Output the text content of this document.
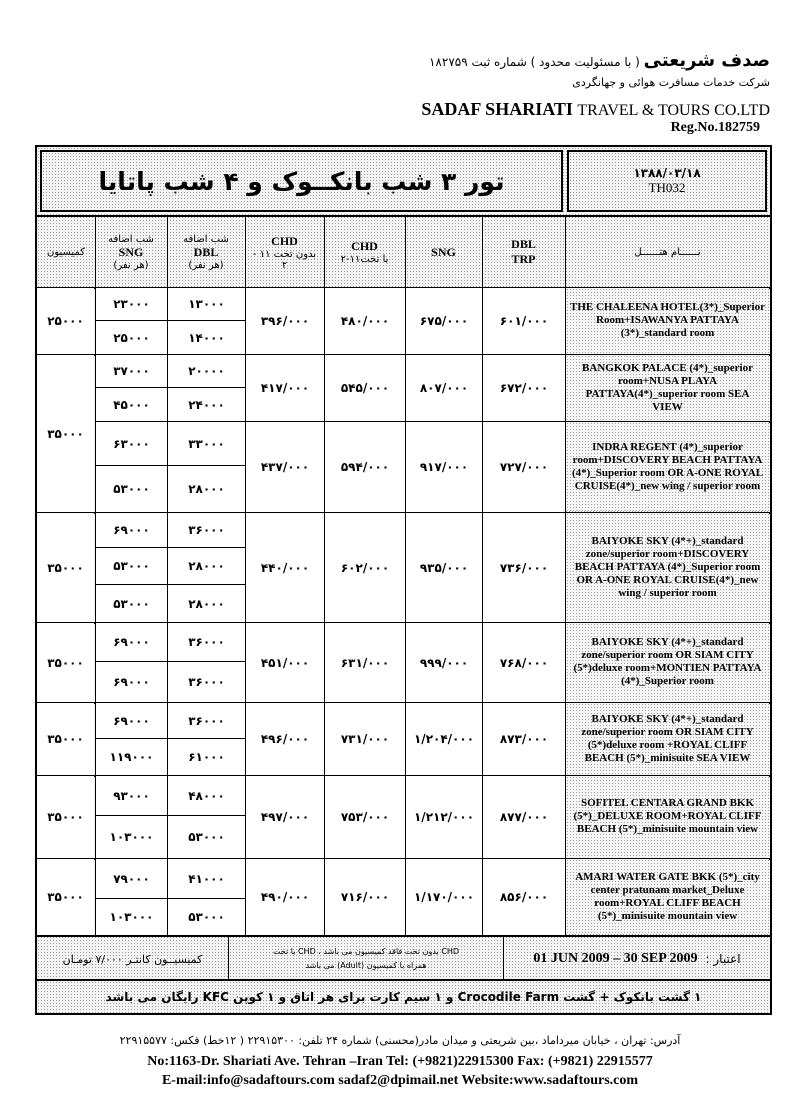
صدف شریعتی ( با مسئولیت محدود ) شماره ثبت ۱۸۲۷۵۹
شرکت خدمات مسافرت هوائی و جهانگردی
SADAF SHARIATI TRAVEL & TOURS CO.LTD
Reg.No.182759
تور ۳ شب بانکــوک و ۴ شب پاتایا	۱۳۸۸/۰۳/۱۸
TH032
کمیسیــون کانتـر ۷/۰۰۰ تومـان
CHD بدون تخت فاقد کمیسیون می باشد ، CHD با تخت
همراه با کمیسیون (Adult) می باشد	01 JUN 2009 – 30 SEP 2009 اعتبار :
۱ گشت بانکوک + گشت Crocodile Farm و ۱ سیم کارت برای هر اتاق و ۱ کوپن KFC رایگان می باشد
نــــــام هتــــــل
DBL
TRP
SNG
CHD
با تخت۱۱-۲
CHD
بدون تخت ۱۱ -
۲
شب اضافه
DBL
(هر نفر)
شب اضافه
SNG
(هر نفر)
کمیسیون
THE CHALEENA HOTEL(3*)_Superior Room+ISAWANYA PATTAYA (3*)_standard room
۶۰۱/۰۰۰
۶۷۵/۰۰۰
۴۸۰/۰۰۰
۳۹۶/۰۰۰
۱۳۰۰۰
۲۳۰۰۰
۱۴۰۰۰
۲۵۰۰۰
BANGKOK PALACE (4*)_superior room+NUSA PLAYA PATTAYA(4*)_superior room SEA VIEW
۶۷۲/۰۰۰
۸۰۷/۰۰۰
۵۴۵/۰۰۰
۴۱۷/۰۰۰
۲۰۰۰۰
۳۷۰۰۰
۲۴۰۰۰
۴۵۰۰۰
INDRA REGENT (4*)_superior room+DISCOVERY BEACH PATTAYA (4*)_Superior room OR A-ONE ROYAL CRUISE(4*)_new wing / superior room
۷۲۷/۰۰۰
۹۱۷/۰۰۰
۵۹۴/۰۰۰
۴۳۷/۰۰۰
۳۳۰۰۰
۶۳۰۰۰
۲۸۰۰۰
۵۳۰۰۰
BAIYOKE SKY (4*+)_standard zone/superior room+DISCOVERY BEACH PATTAYA (4*)_Superior room OR A-ONE ROYAL CRUISE(4*)_new wing / superior room
۷۳۶/۰۰۰
۹۳۵/۰۰۰
۶۰۲/۰۰۰
۴۴۰/۰۰۰
۳۶۰۰۰
۶۹۰۰۰
۲۸۰۰۰
۵۳۰۰۰
۲۸۰۰۰
۵۳۰۰۰
BAIYOKE SKY (4*+)_standard zone/superior room OR SIAM CITY (5*)deluxe room+MONTIEN PATTAYA (4*)_Superior room
۷۶۸/۰۰۰
۹۹۹/۰۰۰
۶۳۱/۰۰۰
۴۵۱/۰۰۰
۳۶۰۰۰
۶۹۰۰۰
۳۶۰۰۰
۶۹۰۰۰
BAIYOKE SKY (4*+)_standard zone/superior room OR SIAM CITY (5*)deluxe room +ROYAL CLIFF BEACH (5*)_minisuite SEA VIEW
۸۷۳/۰۰۰
۱/۲۰۴/۰۰۰
۷۳۱/۰۰۰
۴۹۶/۰۰۰
۳۶۰۰۰
۶۹۰۰۰
۶۱۰۰۰
۱۱۹۰۰۰
SOFITEL CENTARA GRAND BKK (5*)_DELUXE ROOM+ROYAL CLIFF BEACH (5*)_minisuite mountain view
۸۷۷/۰۰۰
۱/۲۱۲/۰۰۰
۷۵۳/۰۰۰
۴۹۷/۰۰۰
۴۸۰۰۰
۹۳۰۰۰
۵۳۰۰۰
۱۰۳۰۰۰
AMARI WATER GATE BKK (5*)_city center pratunam market_Deluxe room+ROYAL CLIFF BEACH (5*)_minisuite mountain view
۸۵۶/۰۰۰
۱/۱۷۰/۰۰۰
۷۱۶/۰۰۰
۴۹۰/۰۰۰
۴۱۰۰۰
۷۹۰۰۰
۵۳۰۰۰
۱۰۳۰۰۰
۲۵۰۰۰
۳۵۰۰۰
۳۵۰۰۰
۳۵۰۰۰
۳۵۰۰۰
۳۵۰۰۰
۳۵۰۰۰
آدرس: تهران ، خیابان میرداماد ،بین شریعتی و میدان مادر(محسنی) شماره ۲۴ تلفن: ۲۲۹۱۵۳۰۰ ( ۱۲خط) فکس: ۲۲۹۱۵۵۷۷
No:1163-Dr. Shariati Ave. Tehran –Iran Tel: (+9821)22915300 Fax: (+9821) 22915577
E-mail:info@sadaftours.com sadaf2@dpimail.net Website:www.sadaftours.com
